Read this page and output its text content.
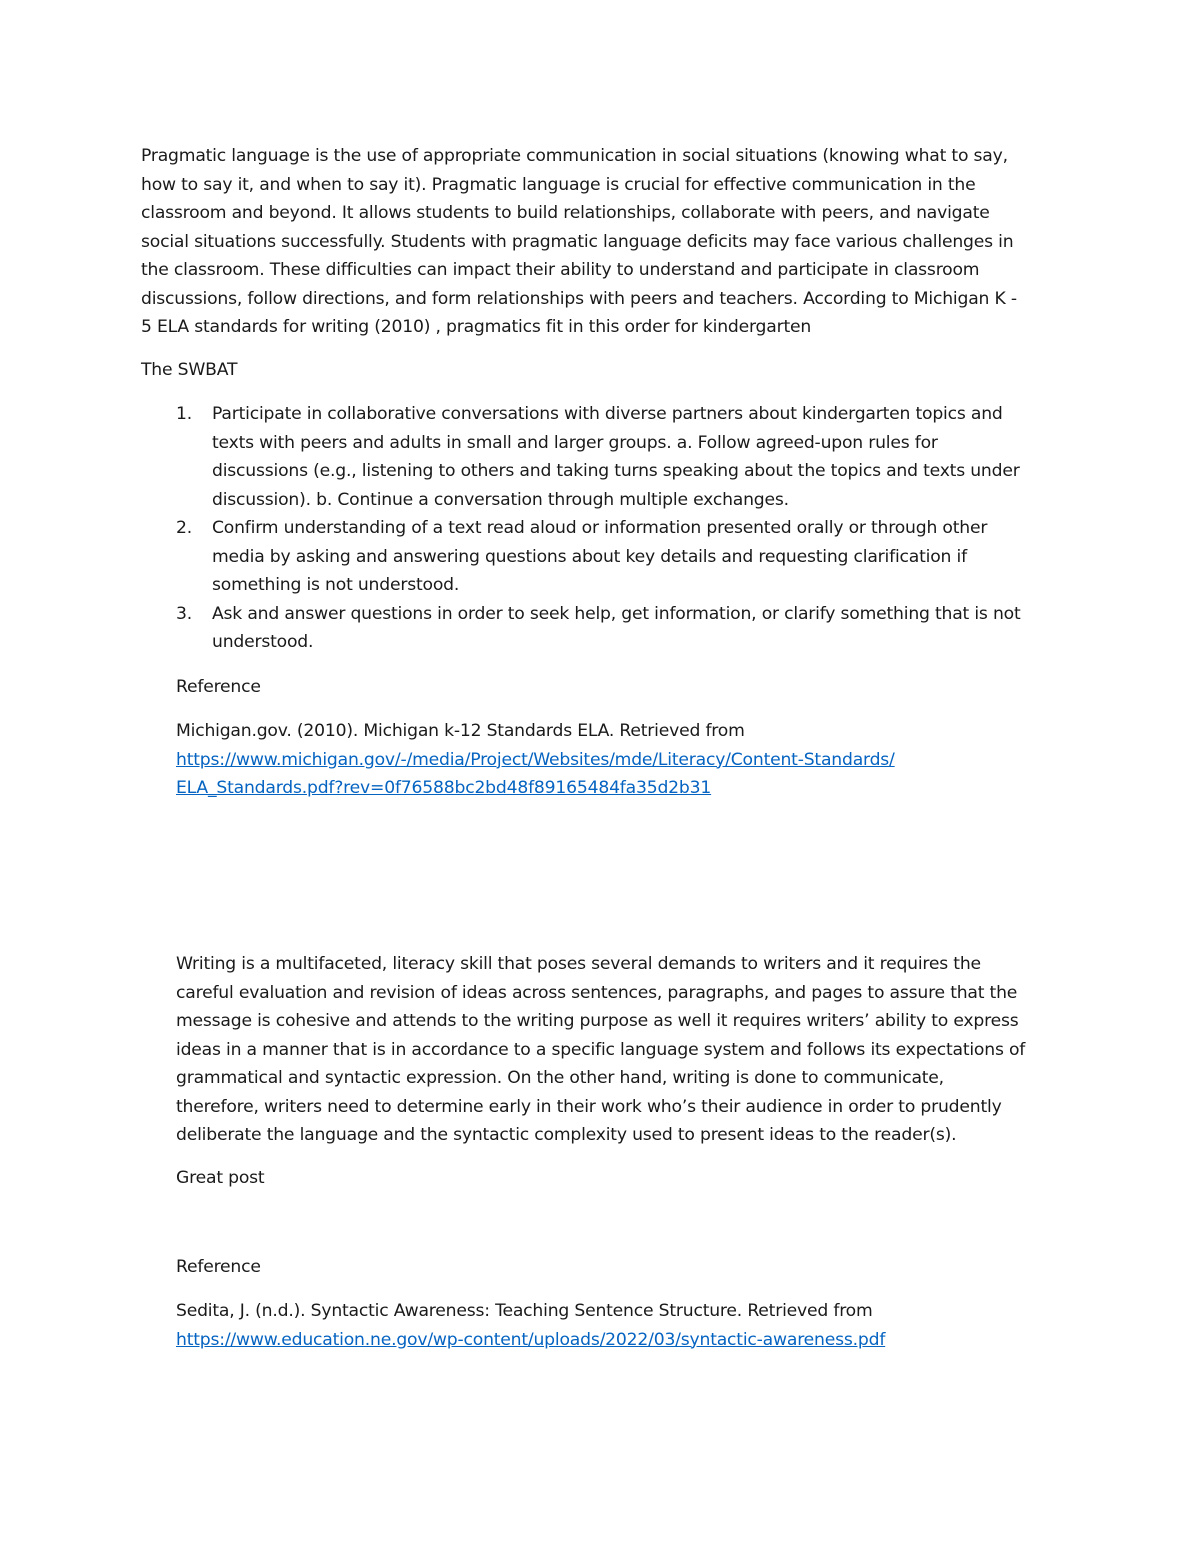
Pragmatic language is the use of appropriate communication in social situations (knowing what to say,
how to say it, and when to say it). Pragmatic language is crucial for effective communication in the
classroom and beyond. It allows students to build relationships, collaborate with peers, and navigate
social situations successfully. Students with pragmatic language deficits may face various challenges in
the classroom. These difficulties can impact their ability to understand and participate in classroom
discussions, follow directions, and form relationships with peers and teachers. According to Michigan K -
5 ELA standards for writing (2010) , pragmatics fit in this order for kindergarten
The SWBAT
1. Participate in collaborative conversations with diverse partners about kindergarten topics and
texts with peers and adults in small and larger groups. a. Follow agreed-upon rules for
discussions (e.g., listening to others and taking turns speaking about the topics and texts under
discussion). b. Continue a conversation through multiple exchanges.
2. Confirm understanding of a text read aloud or information presented orally or through other
media by asking and answering questions about key details and requesting clarification if
something is not understood.
3. Ask and answer questions in order to seek help, get information, or clarify something that is not
understood.
Reference
Michigan.gov. (2010). Michigan k-12 Standards ELA. Retrieved from
https://www.michigan.gov/-/media/Project/Websites/mde/Literacy/Content-Standards/
ELA_Standards.pdf?rev=0f76588bc2bd48f89165484fa35d2b31
Writing is a multifaceted, literacy skill that poses several demands to writers and it requires the
careful evaluation and revision of ideas across sentences, paragraphs, and pages to assure that the
message is cohesive and attends to the writing purpose as well it requires writers’ ability to express
ideas in a manner that is in accordance to a specific language system and follows its expectations of
grammatical and syntactic expression. On the other hand, writing is done to communicate,
therefore, writers need to determine early in their work who’s their audience in order to prudently
deliberate the language and the syntactic complexity used to present ideas to the reader(s).
Great post
Reference
Sedita, J. (n.d.). Syntactic Awareness: Teaching Sentence Structure. Retrieved from
https://www.education.ne.gov/wp-content/uploads/2022/03/syntactic-awareness.pdf
